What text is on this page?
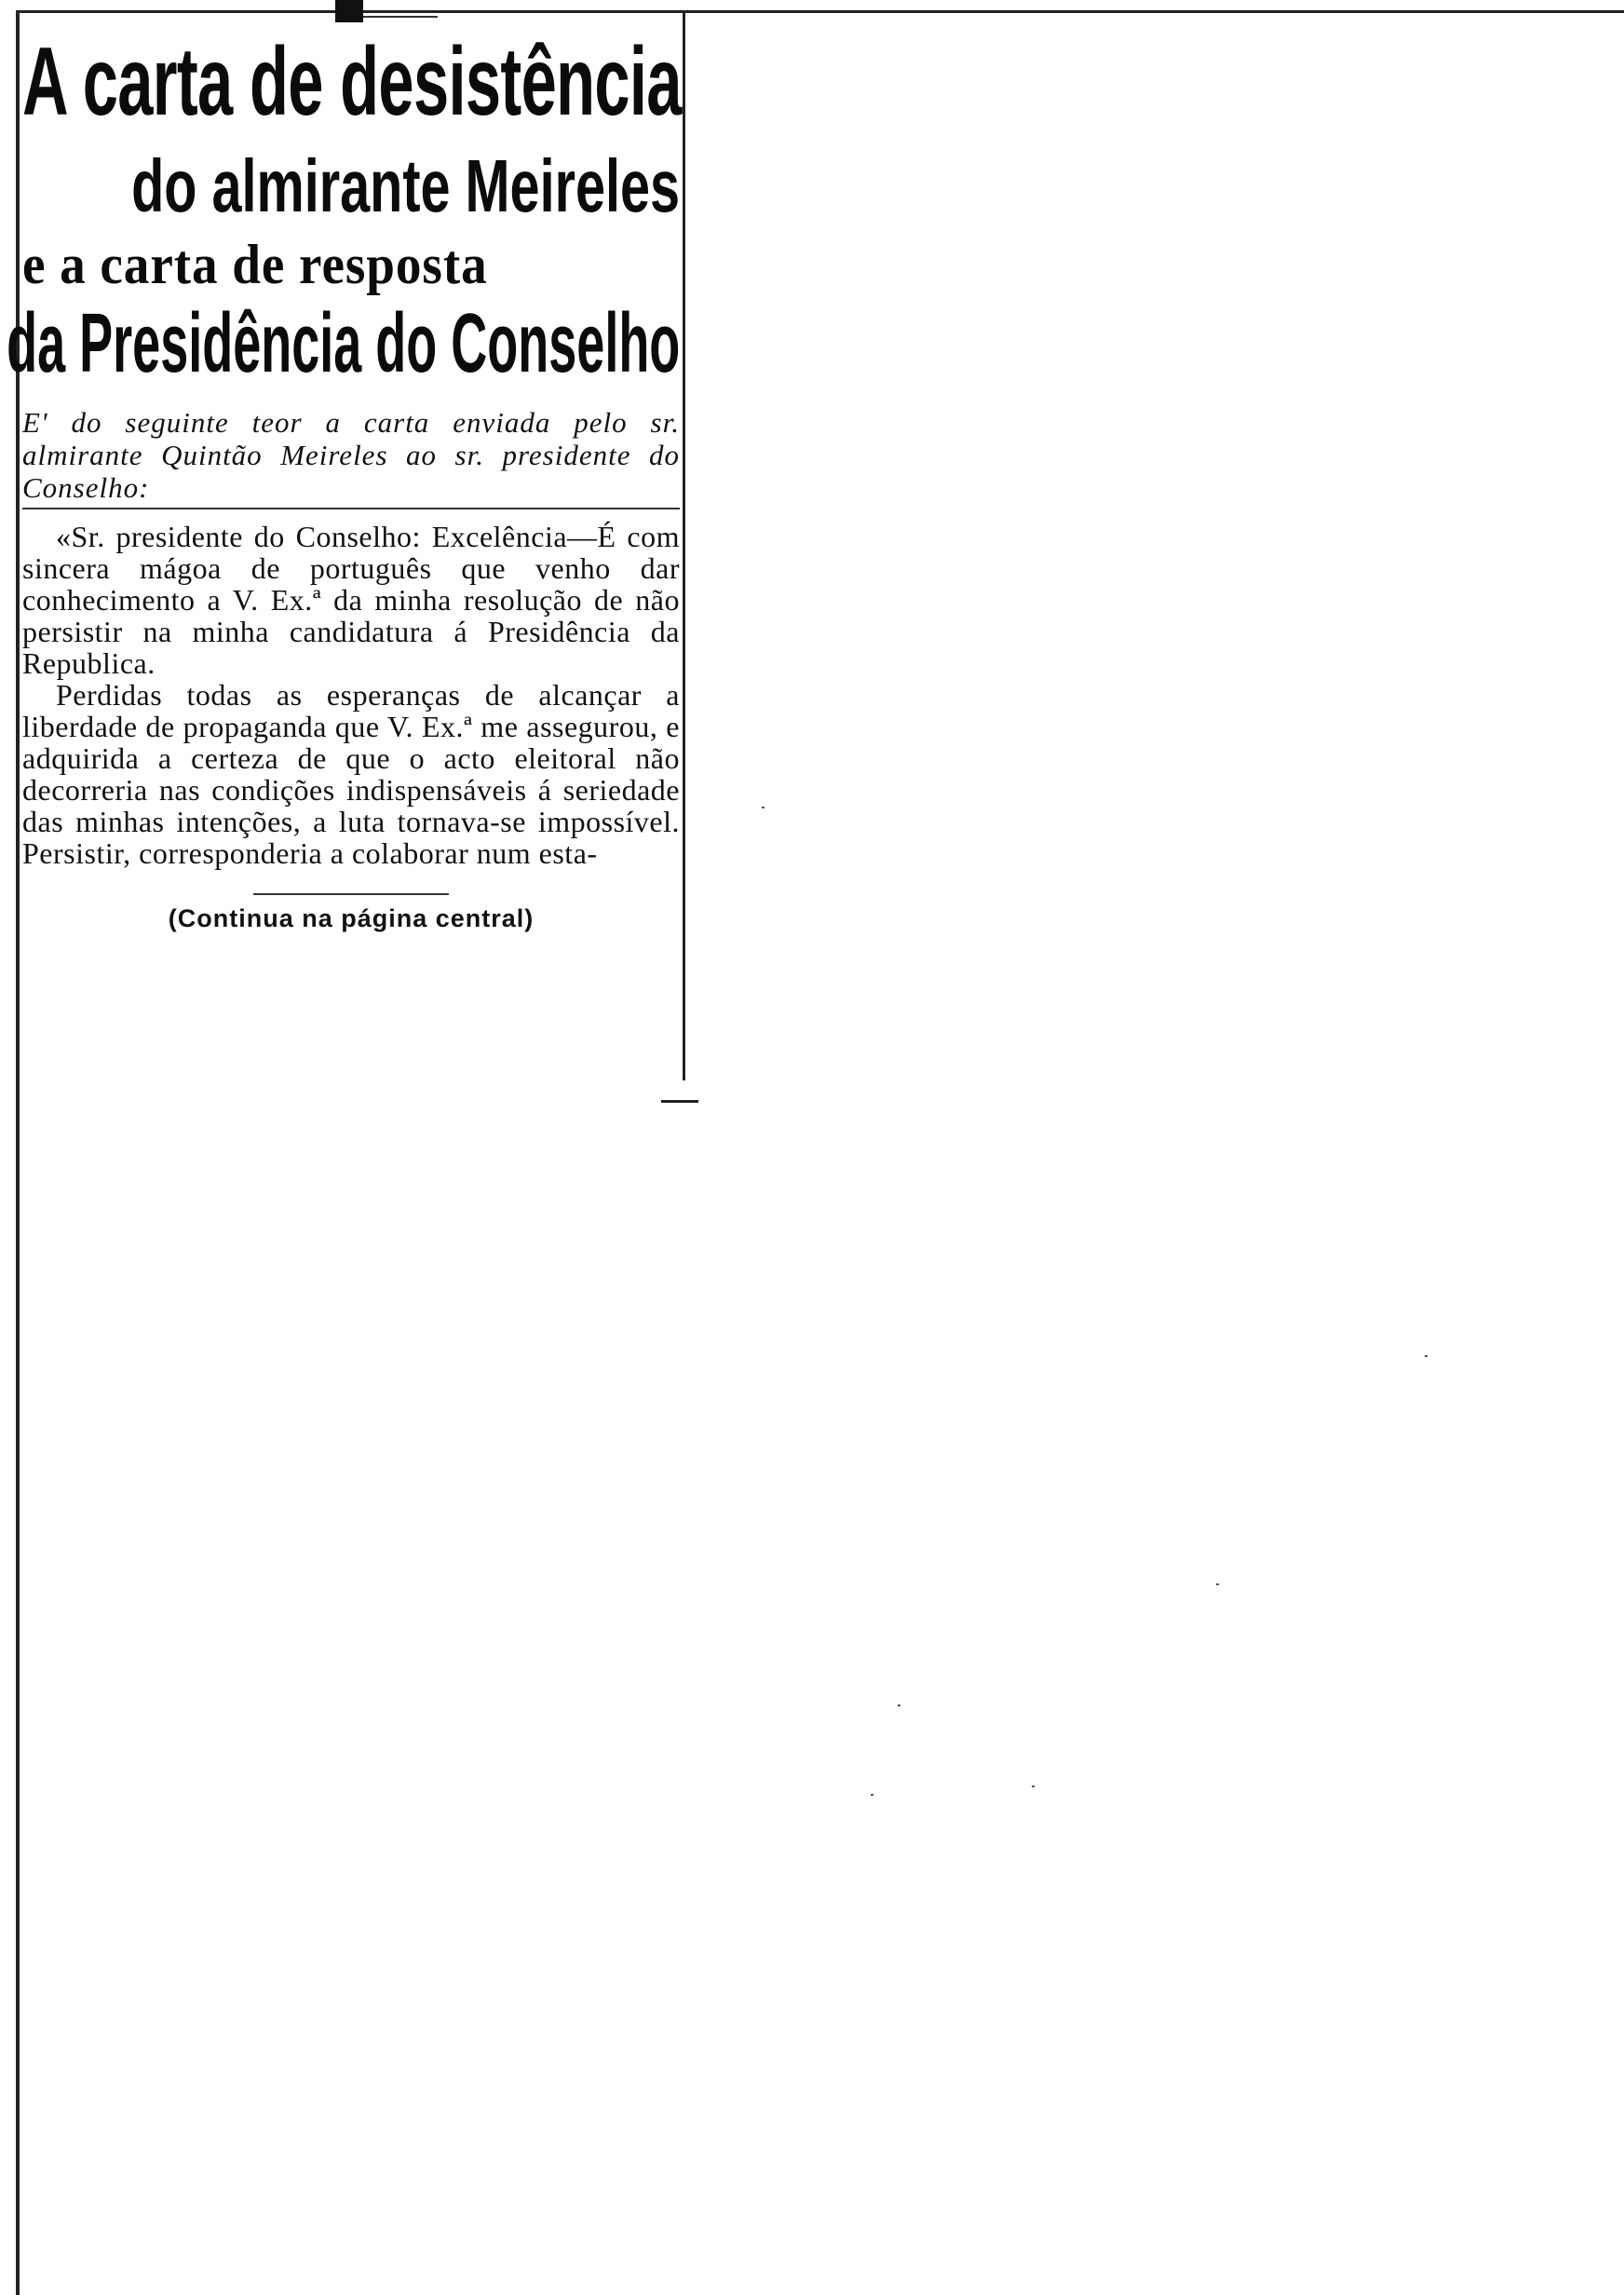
A carta de desistência
do almirante Meireles
e a carta de resposta
da Presidência do Conselho
E' do seguinte teor a carta enviada pelo sr. almirante Quintão Meireles ao sr. presidente do Conselho:

«Sr. presidente do Conselho: Excelência—É com sincera mágoa de português que venho dar conhecimento a V. Ex.ª da minha resolução de não persistir na minha candidatura á Presidência da Republica.

Perdidas todas as esperanças de alcançar a liberdade de propaganda que V. Ex.ª me assegurou, e adquirida a certeza de que o acto eleitoral não decorreria nas condições indispensáveis á seriedade das minhas intenções, a luta tornava-se impossível. Persistir, corresponderia a colaborar num esta-

(Continua na página central)
